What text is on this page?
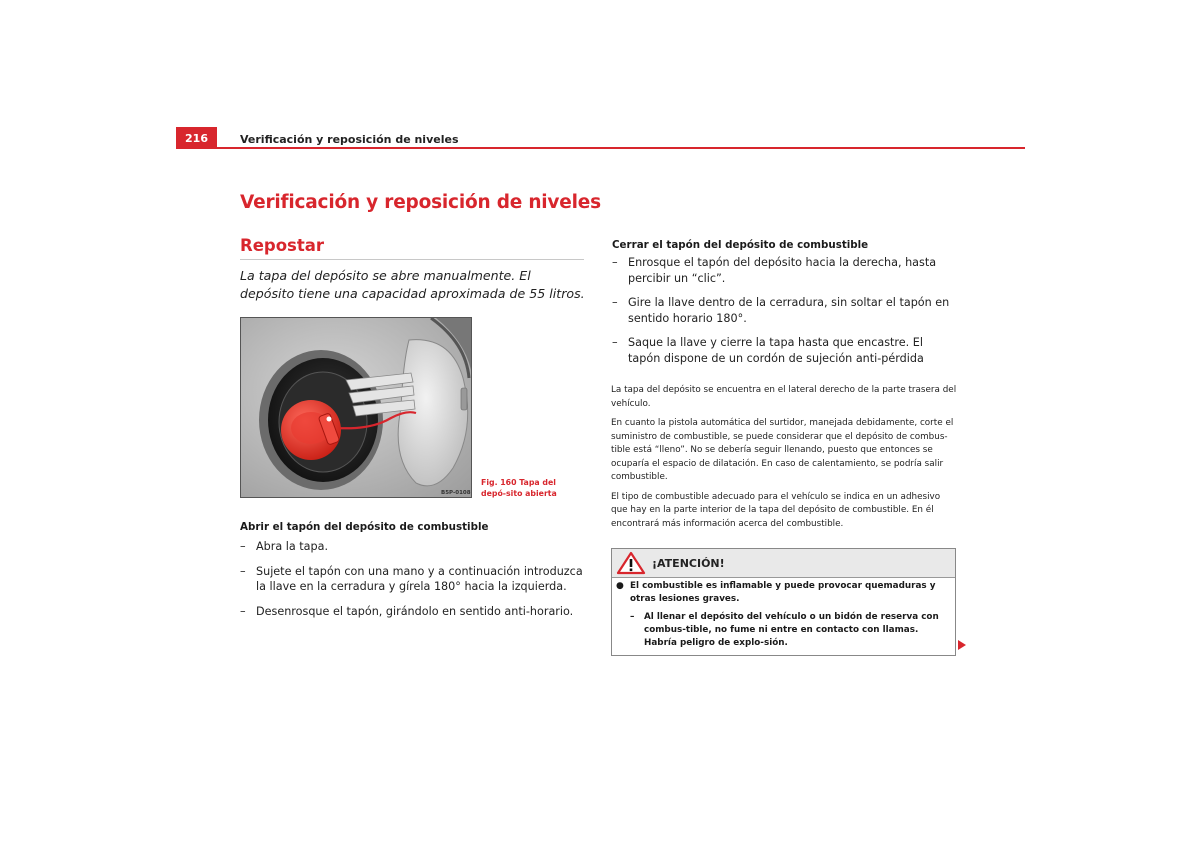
216	Verificación y reposición de niveles
Verificación y reposición de niveles
Repostar
La tapa del depósito se abre manualmente. El depósito tiene una capacidad aproximada de 55 litros.
B5P-0108
Fig. 160 Tapa del depó-sito abierta
Abrir el tapón del depósito de combustible
– Abra la tapa.
– Sujete el tapón con una mano y a continuación introduzca la llave en la cerradura y gírela 180° hacia la izquierda.
– Desenrosque el tapón, girándolo en sentido anti-horario.
Cerrar el tapón del depósito de combustible
– Enrosque el tapón del depósito hacia la derecha, hasta percibir un “clic”.
– Gire la llave dentro de la cerradura, sin soltar el tapón en sentido horario 180°.
– Saque la llave y cierre la tapa hasta que encastre. El tapón dispone de un cordón de sujeción anti-pérdida

La tapa del depósito se encuentra en el lateral derecho de la parte trasera del vehículo.

En cuanto la pistola automática del surtidor, manejada debidamente, corte el suministro de combustible, se puede considerar que el depósito de combus-tible está “lleno”. No se debería seguir llenando, puesto que entonces se ocuparía el espacio de dilatación. En caso de calentamiento, se podría salir combustible.

El tipo de combustible adecuado para el vehículo se indica en un adhesivo que hay en la parte interior de la tapa del depósito de combustible. En él encontrará más información acerca del combustible.

¡ATENCIÓN!
● El combustible es inflamable y puede provocar quemaduras y otras lesiones graves.
–	Al llenar el depósito del vehículo o un bidón de reserva con combus-tible, no fume ni entre en contacto con llamas. Habría peligro de explo-sión.
